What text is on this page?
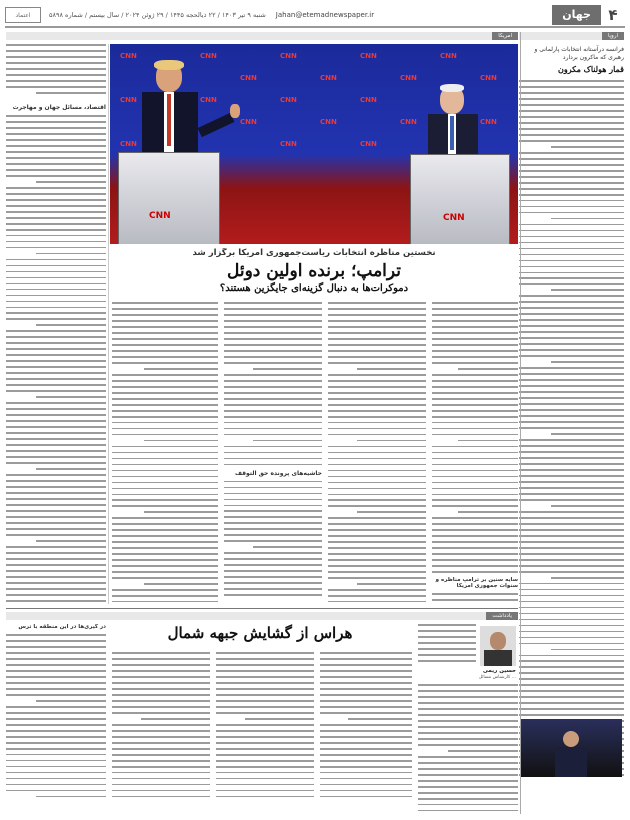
اعتماد	شنبه ۹ تیر ۱۴۰۳ / ۲۲ ذیالحجه ۱۴۴۵ / ۲۹ ژوئن ۲۰۲۴ / سال بیستم / شماره ۵۸۹۸ Jahan@etemadnewspaper.ir	جهان	۴
اروپا
فرانسه درآستانه انتخابات پارلمانی و رهبری که ماکرون بردارد
قمار هولناک مکرون
امریکا
اقتصاد، مسائل جهان و مهاجرت
CNN	CNN	CNN	CNN	CNN
CNN	CNN	CNN	CNN
CNN	CNN	CNN	CNN
CNN	CNN	CNN	CNN
CNN	CNN	CNN
CNN	CNN
نخستین مناظره انتخابات ریاست‌جمهوری امریکا برگزار شد
ترامپ؛ برنده اولین دوئل
دموکرات‌ها به دنبال گزینه‌ای جایگزین هستند؟
سایه سنین بر ترامپ مناظره و سنوات جمهوری امریکا
حاشیه‌های پرونده حق التوقف
یادداشت
هراس از گشایش جبهه شمال
حسین ریمی
کارشناس مسائل ...
در گیری‌ها در این منطقه با ترس
